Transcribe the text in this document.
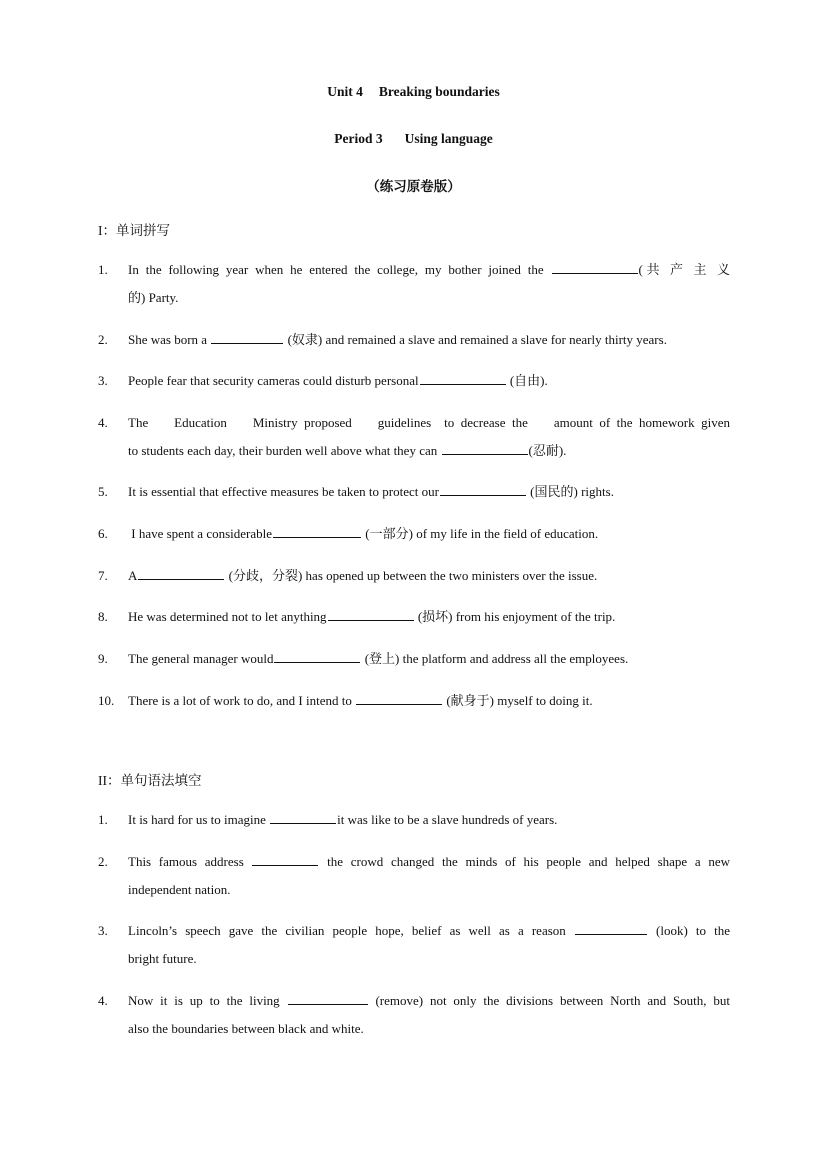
Unit 4 Breaking boundaries
Period 3 Using language
（练习原卷版）
I：单词拼写
1. In the following year when he entered the college, my bother joined the	(共 产 主 义
的) Party.
2. She was born a	(奴隶) and remained a slave and remained a slave for nearly thirty years.
3. People fear that security cameras could disturb personal	(自由).
4. The    Education    Ministry proposed    guidelines  to decrease the    amount of the homework given
to students each day, their burden well above what they can	(忍耐).
5. It is essential that effective measures be taken to protect our	(国民的) rights.
6. I have spent a considerable	(一部分) of my life in the field of education.
7. A	(分歧，分裂) has opened up between the two ministers over the issue.
8. He was determined not to let anything	(损坏) from his enjoyment of the trip.
9. The general manager would	(登上) the platform and address all the employees.
10. There is a lot of work to do, and I intend to	(献身于) myself to doing it.
II：单句语法填空
1. It is hard for us to imagine	it was like to be a slave hundreds of years.
2. This famous address	the crowd changed the minds of his people and helped shape a new
independent nation.
3. Lincoln’s speech gave the civilian people hope, belief as well as a reason	(look) to the
bright future.
4. Now it is up to the living	(remove) not only the divisions between North and South, but
also the boundaries between black and white.
